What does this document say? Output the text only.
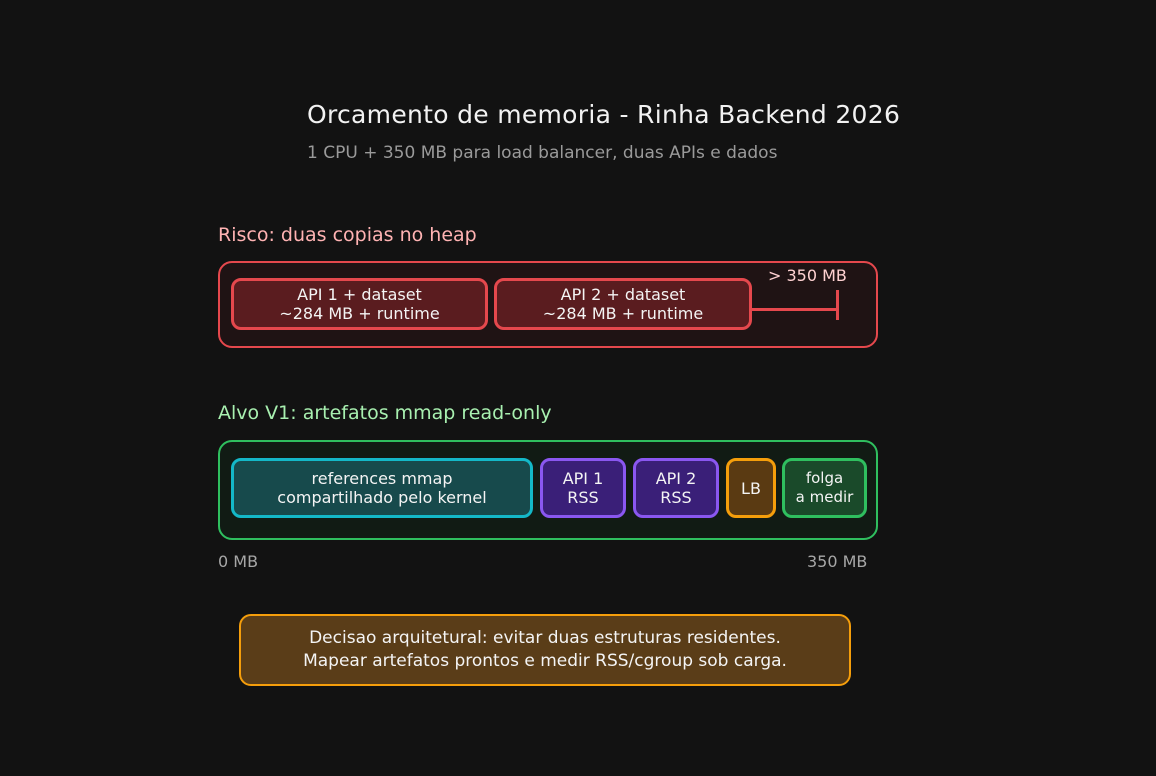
Orcamento de memoria - Rinha Backend 2026
1 CPU + 350 MB para load balancer, duas APIs e dados
Risco: duas copias no heap
API 1 + dataset
~284 MB + runtime
API 2 + dataset
~284 MB + runtime
> 350 MB
Alvo V1: artefatos mmap read-only
references mmap
compartilhado pelo kernel
API 1
RSS
API 2
RSS	LB
folga
a medir
0 MB	350 MB
Decisao arquitetural: evitar duas estruturas residentes.
Mapear artefatos prontos e medir RSS/cgroup sob carga.
